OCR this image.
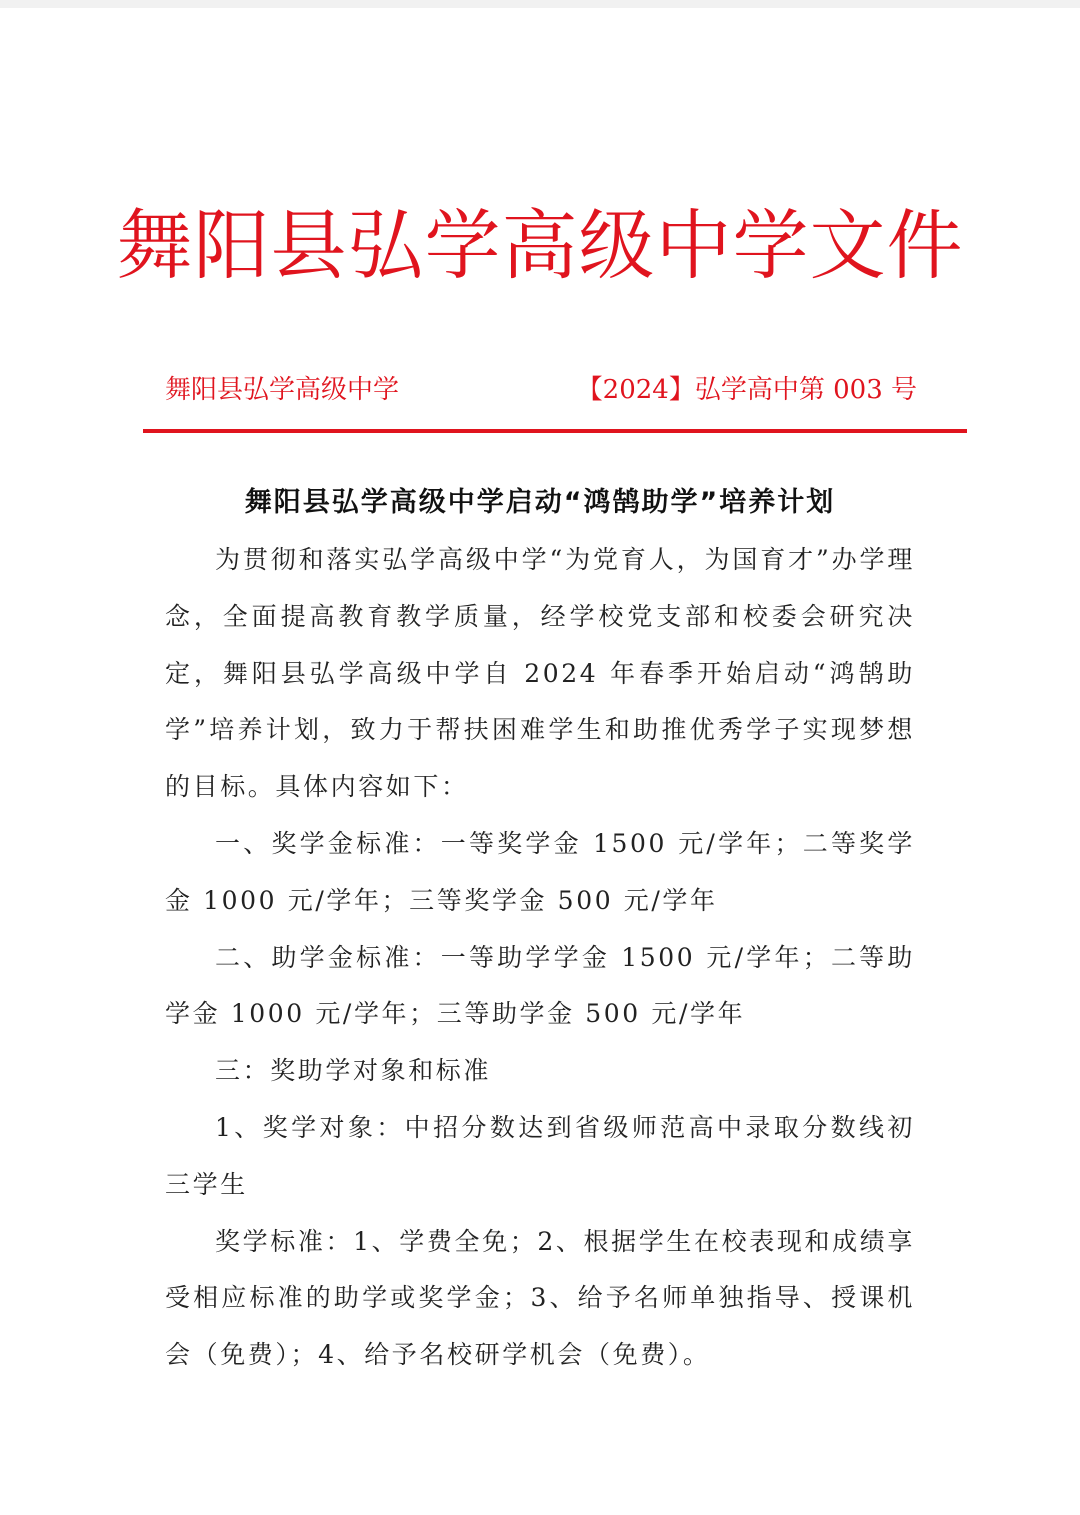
舞阳县弘学高级中学文件
舞阳县弘学高级中学	【2024】弘学高中第 003 号
舞阳县弘学高级中学启动“鸿鹄助学”培养计划

为贯彻和落实弘学高级中学“为党育人，为国育才”办学理念，全面提高教育教学质量，经学校党支部和校委会研究决定，舞阳县弘学高级中学自 2024 年春季开始启动“鸿鹄助学”培养计划，致力于帮扶困难学生和助推优秀学子实现梦想的目标。具体内容如下：

一、奖学金标准：一等奖学金 1500 元/学年；二等奖学金 1000 元/学年；三等奖学金 500 元/学年

二、助学金标准：一等助学学金 1500 元/学年；二等助学金 1000 元/学年；三等助学金 500 元/学年

三：奖助学对象和标准

1、奖学对象：中招分数达到省级师范高中录取分数线初三学生

奖学标准：1、学费全免；2、根据学生在校表现和成绩享受相应标准的助学或奖学金；3、给予名师单独指导、授课机会（免费）；4、给予名校研学机会（免费）。
